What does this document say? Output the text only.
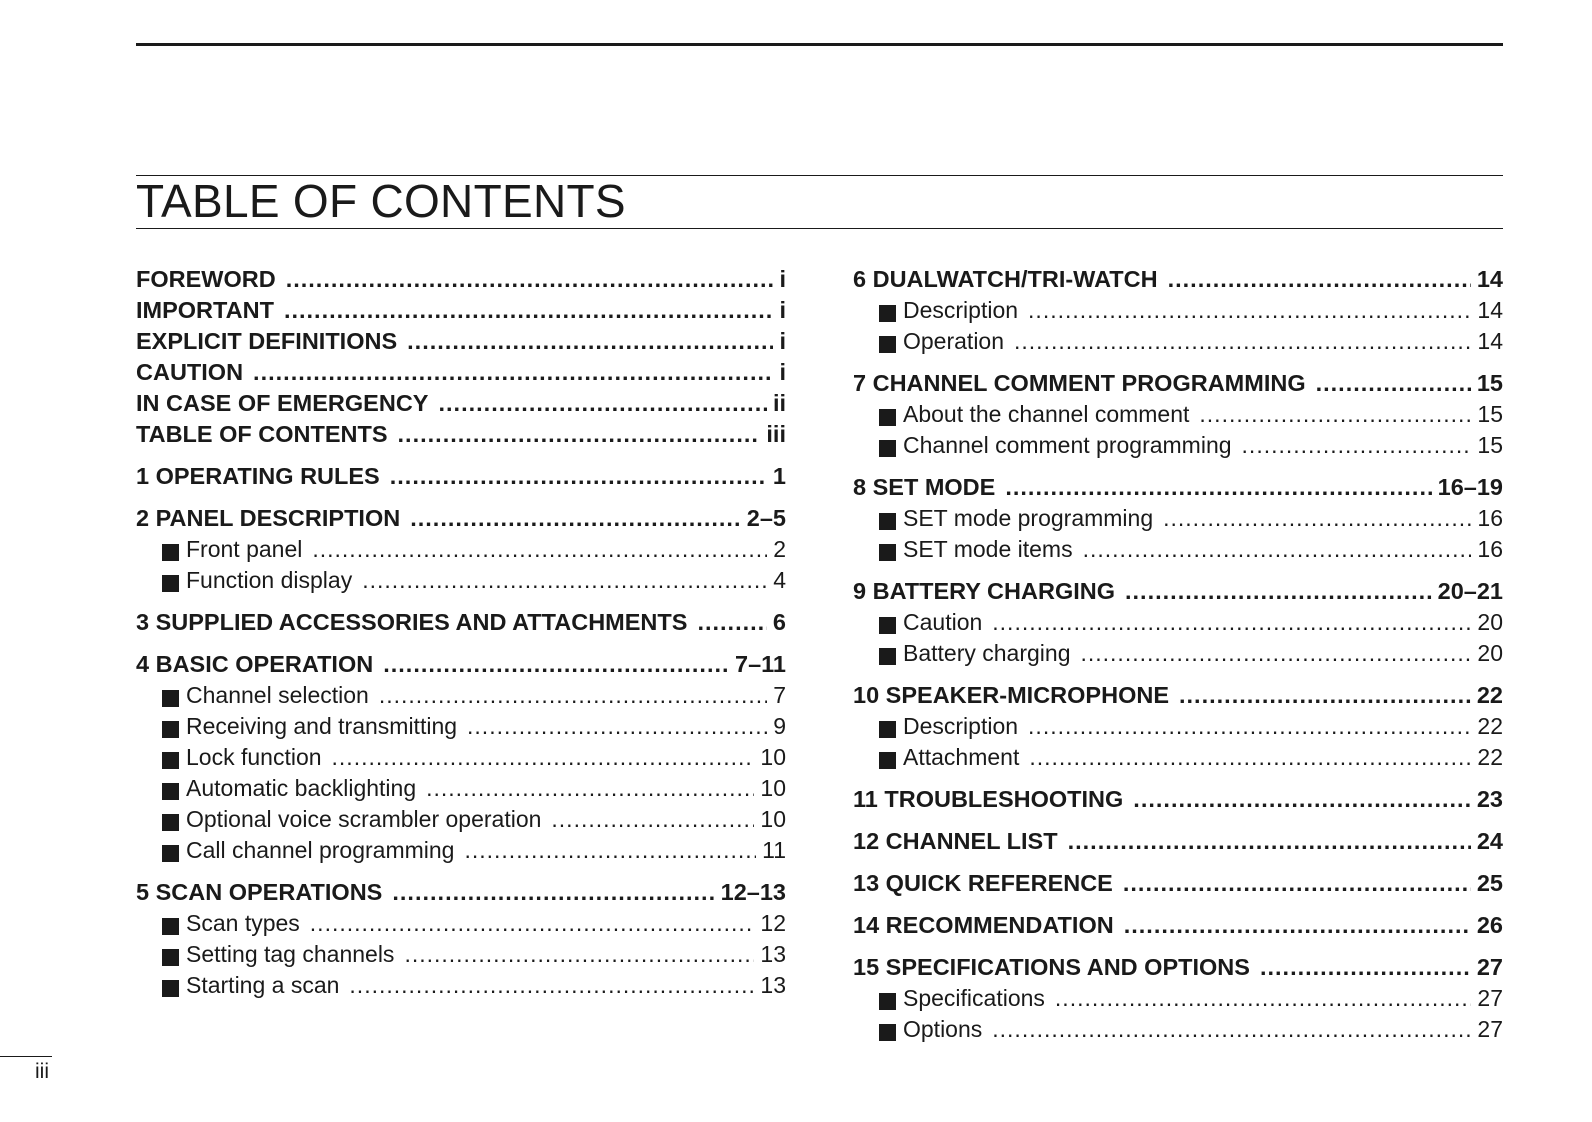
TABLE OF CONTENTS
FOREWORD .....	i
IMPORTANT .....	i
EXPLICIT DEFINITIONS .....	i
CAUTION .....	i
IN CASE OF EMERGENCY .....	ii
TABLE OF CONTENTS .....	iii
1 OPERATING RULES .....	1
2 PANEL DESCRIPTION .....	2–5
Front panel .....	2
Function display .....	4
3 SUPPLIED ACCESSORIES AND ATTACHMENTS .....	6
4 BASIC OPERATION .....	7–11
Channel selection .....	7
Receiving and transmitting .....	9
Lock function .....	10
Automatic backlighting .....	10
Optional voice scrambler operation .....	10
Call channel programming .....	11
5 SCAN OPERATIONS .....	12–13
Scan types .....	12
Setting tag channels .....	13
Starting a scan .....	13
6 DUALWATCH/TRI-WATCH .....	14
Description .....	14
Operation .....	14
7 CHANNEL COMMENT PROGRAMMING .....	15
About the channel comment .....	15
Channel comment programming .....	15
8 SET MODE .....	16–19
SET mode programming .....	16
SET mode items .....	16
9 BATTERY CHARGING .....	20–21
Caution .....	20
Battery charging .....	20
10 SPEAKER-MICROPHONE .....	22
Description .....	22
Attachment .....	22
11 TROUBLESHOOTING .....	23
12 CHANNEL LIST .....	24
13 QUICK REFERENCE .....	25
14 RECOMMENDATION .....	26
15 SPECIFICATIONS AND OPTIONS .....	27
Specifications .....	27
Options .....	27
iii
